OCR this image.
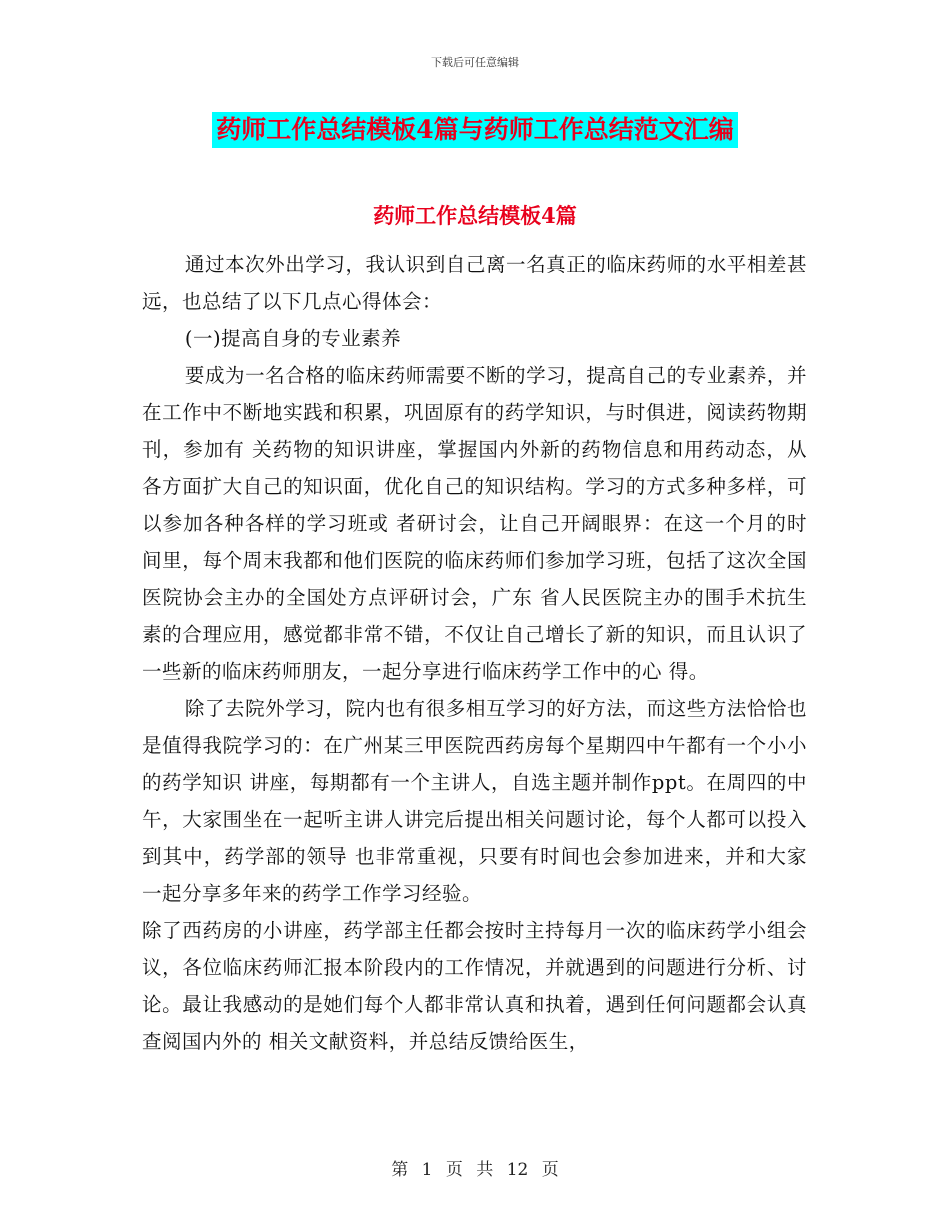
下载后可任意编辑
药师工作总结模板4篇与药师工作总结范文汇编
药师工作总结模板4篇

通过本次外出学习，我认识到自己离一名真正的临床药师的水平相差甚远，也总结了以下几点心得体会：

(一)提高自身的专业素养

要成为一名合格的临床药师需要不断的学习，提高自己的专业素养，并在工作中不断地实践和积累，巩固原有的药学知识，与时俱进，阅读药物期刊，参加有 关药物的知识讲座，掌握国内外新的药物信息和用药动态，从各方面扩大自己的知识面，优化自己的知识结构。学习的方式多种多样，可以参加各种各样的学习班或 者研讨会，让自己开阔眼界：在这一个月的时间里，每个周末我都和他们医院的临床药师们参加学习班，包括了这次全国医院协会主办的全国处方点评研讨会，广东 省人民医院主办的围手术抗生素的合理应用，感觉都非常不错，不仅让自己增长了新的知识，而且认识了一些新的临床药师朋友，一起分享进行临床药学工作中的心 得。

除了去院外学习，院内也有很多相互学习的好方法，而这些方法恰恰也是值得我院学习的：在广州某三甲医院西药房每个星期四中午都有一个小小的药学知识 讲座，每期都有一个主讲人，自选主题并制作ppt。在周四的中午，大家围坐在一起听主讲人讲完后提出相关问题讨论，每个人都可以投入到其中，药学部的领导 也非常重视，只要有时间也会参加进来，并和大家一起分享多年来的药学工作学习经验。

除了西药房的小讲座，药学部主任都会按时主持每月一次的临床药学小组会 议，各位临床药师汇报本阶段内的工作情况，并就遇到的问题进行分析、讨论。最让我感动的是她们每个人都非常认真和执着，遇到任何问题都会认真查阅国内外的 相关文献资料，并总结反馈给医生，

第 1 页 共 12 页
